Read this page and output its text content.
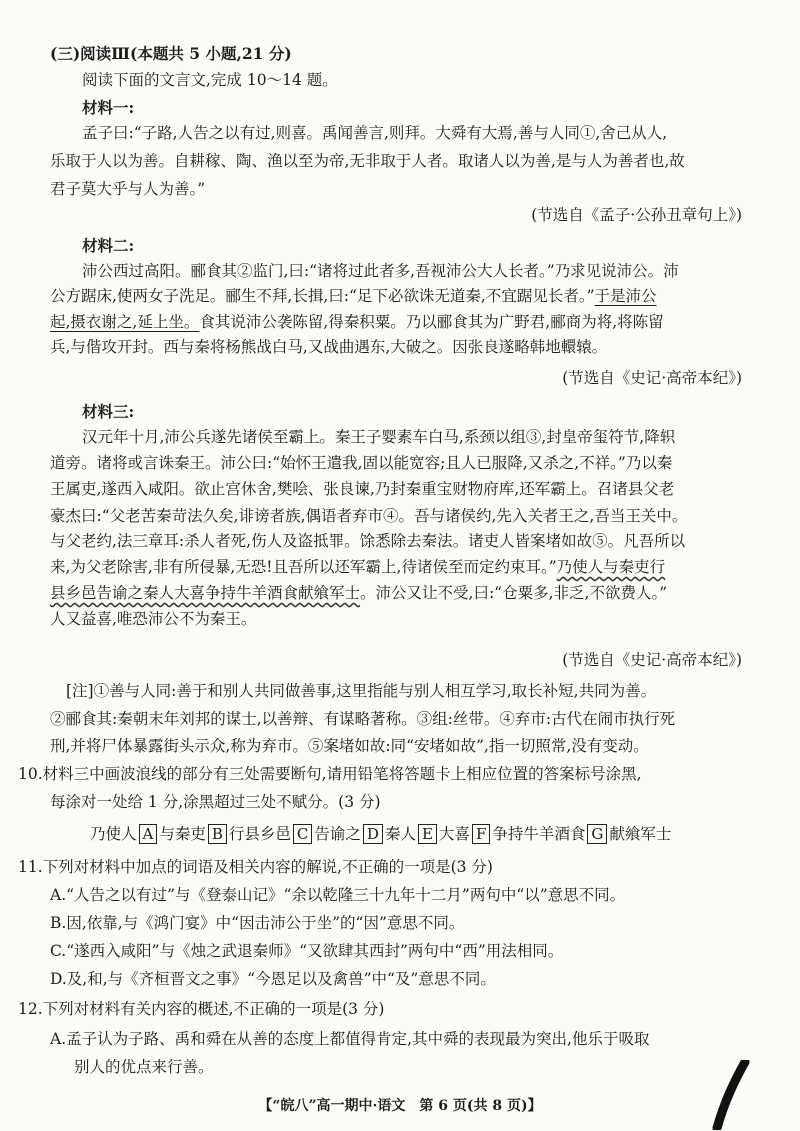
(三)阅读Ⅲ(本题共 5 小题,21 分)
阅读下面的文言文,完成 10～14 题。
材料一:
孟子曰:“子路,人告之以有过,则喜。禹闻善言,则拜。大舜有大焉,善与人同①,舍己从人,
乐取于人以为善。自耕稼、陶、渔以至为帝,无非取于人者。取诸人以为善,是与人为善者也,故
君子莫大乎与人为善。”
(节选自《孟子·公孙丑章句上》)
材料二:
沛公西过高阳。郦食其②监门,曰:“诸将过此者多,吾视沛公大人长者。”乃求见说沛公。沛
公方踞床,使两女子洗足。郦生不拜,长揖,曰:“足下必欲诛无道秦,不宜踞见长者。”于是沛公
起,摄衣谢之,延上坐。食其说沛公袭陈留,得秦积粟。乃以郦食其为广野君,郦商为将,将陈留
兵,与偕攻开封。西与秦将杨熊战白马,又战曲遇东,大破之。因张良遂略韩地轘辕。
(节选自《史记·高帝本纪》)
材料三:
汉元年十月,沛公兵遂先诸侯至霸上。秦王子婴素车白马,系颈以组③,封皇帝玺符节,降轵
道旁。诸将或言诛秦王。沛公曰:“始怀王遣我,固以能宽容;且人已服降,又杀之,不祥。”乃以秦
王属吏,遂西入咸阳。欲止宫休舍,樊哙、张良谏,乃封秦重宝财物府库,还军霸上。召诸县父老
豪杰曰:“父老苦秦苛法久矣,诽谤者族,偶语者弃市④。吾与诸侯约,先入关者王之,吾当王关中。
与父老约,法三章耳:杀人者死,伤人及盗抵罪。馀悉除去秦法。诸吏人皆案堵如故⑤。凡吾所以
来,为父老除害,非有所侵暴,无恐!且吾所以还军霸上,待诸侯至而定约束耳。”乃使人与秦吏行
县乡邑告谕之秦人大喜争持牛羊酒食献飨军士。沛公又让不受,曰:“仓粟多,非乏,不欲费人。”
人又益喜,唯恐沛公不为秦王。
(节选自《史记·高帝本纪》)
[注]①善与人同:善于和别人共同做善事,这里指能与别人相互学习,取长补短,共同为善。
②郦食其:秦朝末年刘邦的谋士,以善辩、有谋略著称。③组:丝带。④弃市:古代在闹市执行死
刑,并将尸体暴露街头示众,称为弃市。⑤案堵如故:同“安堵如故”,指一切照常,没有变动。
10.材料三中画波浪线的部分有三处需要断句,请用铅笔将答题卡上相应位置的答案标号涂黑,
每涂对一处给 1 分,涂黑超过三处不赋分。(3 分)
乃使人 A 与秦吏 B 行县乡邑 C 告谕之 D 秦人 E 大喜 F 争持牛羊酒食 G 献飨军士
11.下列对材料中加点的词语及相关内容的解说,不正确的一项是(3 分)
A.“人告之以有过”与《登泰山记》“余以乾隆三十九年十二月”两句中“以”意思不同。
B.因,依靠,与《鸿门宴》中“因击沛公于坐”的“因”意思不同。
C.“遂西入咸阳”与《烛之武退秦师》“又欲肆其西封”两句中“西”用法相同。
D.及,和,与《齐桓晋文之事》“今恩足以及禽兽”中“及”意思不同。
12.下列对材料有关内容的概述,不正确的一项是(3 分)
A.孟子认为子路、禹和舜在从善的态度上都值得肯定,其中舜的表现最为突出,他乐于吸取
别人的优点来行善。
【“皖八”高一期中·语文　第 6 页(共 8 页)】
